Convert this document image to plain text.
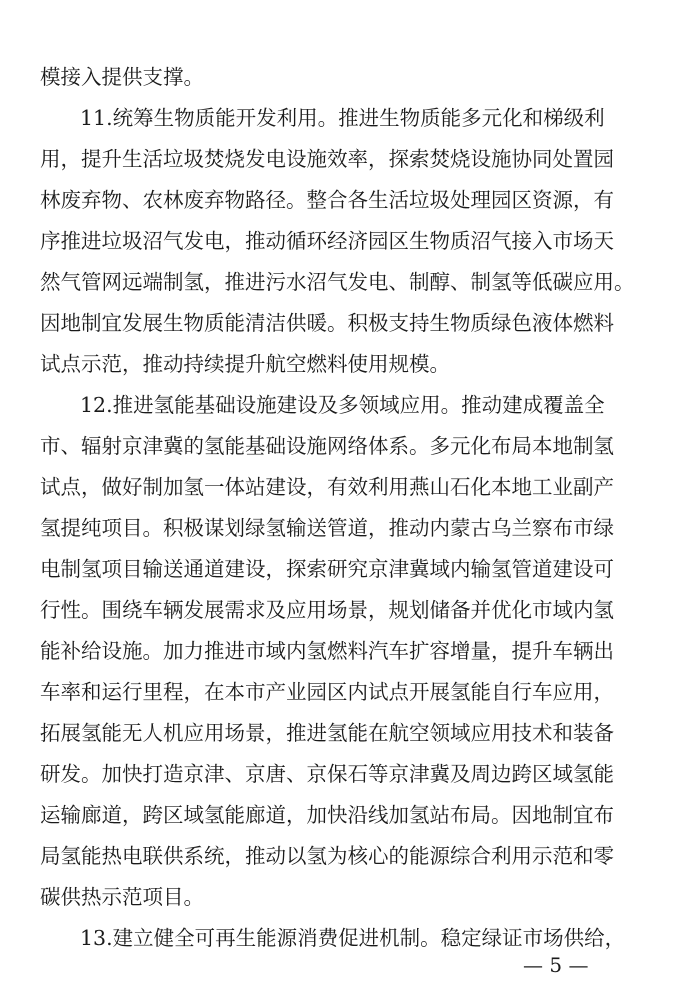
模接入提供支撑。
11.统筹生物质能开发利用。推进生物质能多元化和梯级利
用，提升生活垃圾焚烧发电设施效率，探索焚烧设施协同处置园
林废弃物、农林废弃物路径。整合各生活垃圾处理园区资源，有
序推进垃圾沼气发电，推动循环经济园区生物质沼气接入市场天
然气管网远端制氢，推进污水沼气发电、制醇、制氢等低碳应用。
因地制宜发展生物质能清洁供暖。积极支持生物质绿色液体燃料
试点示范，推动持续提升航空燃料使用规模。
12.推进氢能基础设施建设及多领域应用。推动建成覆盖全
市、辐射京津冀的氢能基础设施网络体系。多元化布局本地制氢
试点，做好制加氢一体站建设，有效利用燕山石化本地工业副产
氢提纯项目。积极谋划绿氢输送管道，推动内蒙古乌兰察布市绿
电制氢项目输送通道建设，探索研究京津冀域内输氢管道建设可
行性。围绕车辆发展需求及应用场景，规划储备并优化市域内氢
能补给设施。加力推进市域内氢燃料汽车扩容增量，提升车辆出
车率和运行里程，在本市产业园区内试点开展氢能自行车应用，
拓展氢能无人机应用场景，推进氢能在航空领域应用技术和装备
研发。加快打造京津、京唐、京保石等京津冀及周边跨区域氢能
运输廊道，跨区域氢能廊道，加快沿线加氢站布局。因地制宜布
局氢能热电联供系统，推动以氢为核心的能源综合利用示范和零
碳供热示范项目。
13.建立健全可再生能源消费促进机制。稳定绿证市场供给，
— 5 —
